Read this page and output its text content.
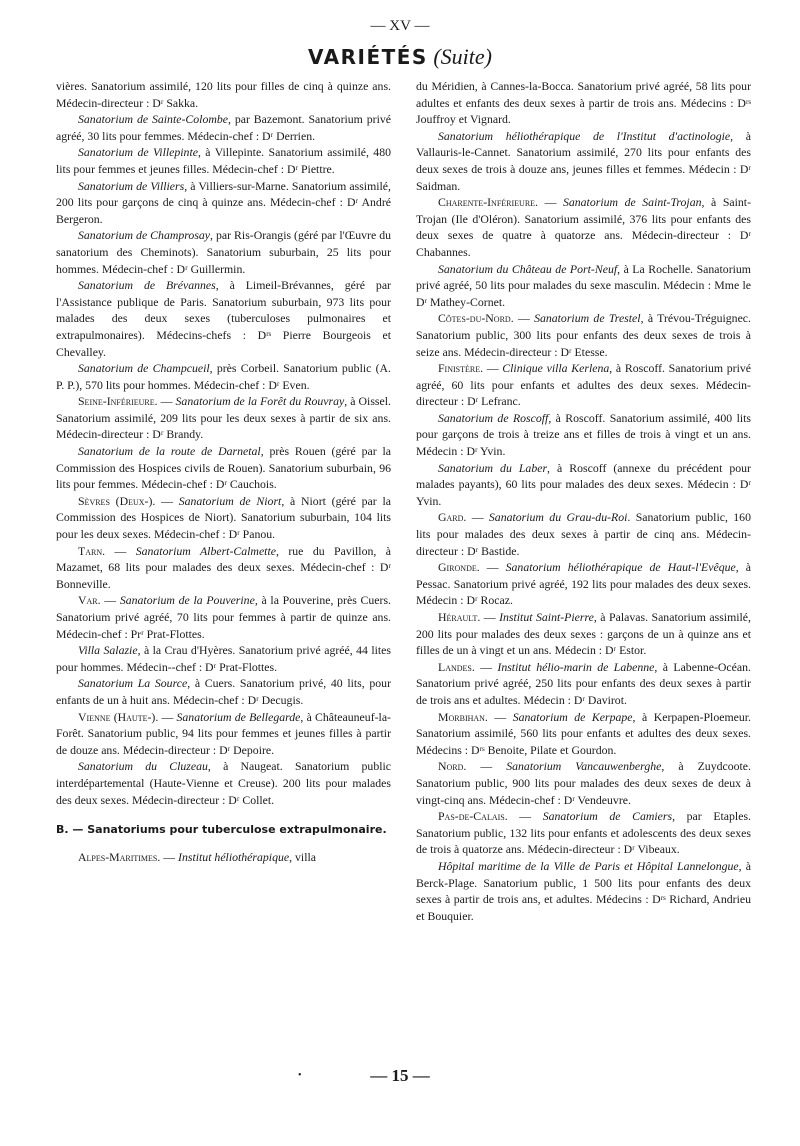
— XV —
VARIÉTÉS (Suite)

vières. Sanatorium assimilé, 120 lits pour filles de cinq à quinze ans. Médecin-directeur : Dʳ Sakka.

Sanatorium de Sainte-Colombe, par Bazemont. Sanatorium privé agréé, 30 lits pour femmes. Médecin-chef : Dʳ Derrien.

Sanatorium de Villepinte, à Villepinte. Sanatorium assimilé, 480 lits pour femmes et jeunes filles. Médecin-chef : Dʳ Piettre.

Sanatorium de Villiers, à Villiers-sur-Marne. Sanatorium assimilé, 200 lits pour garçons de cinq à quinze ans. Médecin-chef : Dʳ André Bergeron.

Sanatorium de Champrosay, par Ris-Orangis (géré par l'Œuvre du sanatorium des Cheminots). Sanatorium suburbain, 25 lits pour hommes. Médecin-chef : Dʳ Guillermin.

Sanatorium de Brévannes, à Limeil-Brévannes, géré par l'Assistance publique de Paris. Sanatorium suburbain, 973 lits pour malades des deux sexes (tuberculoses pulmonaires et extrapulmonaires). Médecins-chefs : Dʳˢ Pierre Bourgeois et Chevalley.

Sanatorium de Champcueil, près Corbeil. Sanatorium public (A. P. P.), 570 lits pour hommes. Médecin-chef : Dʳ Even.

Seine-Inférieure. — Sanatorium de la Forêt du Rouvray, à Oissel. Sanatorium assimilé, 209 lits pour les deux sexes à partir de six ans. Médecin-directeur : Dʳ Brandy.

Sanatorium de la route de Darnetal, près Rouen (géré par la Commission des Hospices civils de Rouen). Sanatorium suburbain, 96 lits pour femmes. Médecin-chef : Dʳ Cauchois.

Sèvres (Deux-). — Sanatorium de Niort, à Niort (géré par la Commission des Hospices de Niort). Sanatorium suburbain, 104 lits pour les deux sexes. Médecin-chef : Dʳ Panou.

Tarn. — Sanatorium Albert-Calmette, rue du Pavillon, à Mazamet, 68 lits pour malades des deux sexes. Médecin-chef : Dʳ Bonneville.

Var. — Sanatorium de la Pouverine, à la Pouverine, près Cuers. Sanatorium privé agréé, 70 lits pour femmes à partir de quinze ans. Médecin-chef : Prʳ Prat-Flottes.

Villa Salazie, à la Crau d'Hyères. Sanatorium privé agréé, 44 lites pour hommes. Médecin--chef : Dʳ Prat-Flottes.

Sanatorium La Source, à Cuers. Sanatorium privé, 40 lits, pour enfants de un à huit ans. Médecin-chef : Dʳ Decugis.

Vienne (Haute-). — Sanatorium de Bellegarde, à Châteauneuf-la-Forêt. Sanatorium public, 94 lits pour femmes et jeunes filles à partir de douze ans. Médecin-directeur : Dʳ Depoire.

Sanatorium du Cluzeau, à Naugeat. Sanatorium public interdépartemental (Haute-Vienne et Creuse). 200 lits pour malades des deux sexes. Médecin-directeur : Dʳ Collet.

B. — Sanatoriums pour tuberculose extrapulmonaire.

Alpes-Maritimes. — Institut héliothérapique, villa

du Méridien, à Cannes-la-Bocca. Sanatorium privé agréé, 58 lits pour adultes et enfants des deux sexes à partir de trois ans. Médecins : Dʳˢ Jouffroy et Vignard.

Sanatorium héliothérapique de l'Institut d'actinologie, à Vallauris-le-Cannet. Sanatorium assimilé, 270 lits pour enfants des deux sexes de trois à douze ans, jeunes filles et femmes. Médecin : Dʳ Saidman.

Charente-Inférieure. — Sanatorium de Saint-Trojan, à Saint-Trojan (Ile d'Oléron). Sanatorium assimilé, 376 lits pour enfants des deux sexes de quatre à quatorze ans. Médecin-directeur : Dʳ Chabannes.

Sanatorium du Château de Port-Neuf, à La Rochelle. Sanatorium privé agréé, 50 lits pour malades du sexe masculin. Médecin : Mme le Dʳ Mathey-Cornet.

Côtes-du-Nord. — Sanatorium de Trestel, à Trévou-Tréguignec. Sanatorium public, 300 lits pour enfants des deux sexes de trois à seize ans. Médecin-directeur : Dʳ Etesse.

Finistère. — Clinique villa Kerlena, à Roscoff. Sanatorium privé agréé, 60 lits pour enfants et adultes des deux sexes. Médecin-directeur : Dʳ Lefranc.

Sanatorium de Roscoff, à Roscoff. Sanatorium assimilé, 400 lits pour garçons de trois à treize ans et filles de trois à vingt et un ans. Médecin : Dʳ Yvin.

Sanatorium du Laber, à Roscoff (annexe du précédent pour malades payants), 60 lits pour malades des deux sexes. Médecin : Dʳ Yvin.

Gard. — Sanatorium du Grau-du-Roi. Sanatorium public, 160 lits pour malades des deux sexes à partir de cinq ans. Médecin-directeur : Dʳ Bastide.

Gironde. — Sanatorium héliothérapique de Haut-l'Evêque, à Pessac. Sanatorium privé agréé, 192 lits pour malades des deux sexes. Médecin : Dʳ Rocaz.

Hérault. — Institut Saint-Pierre, à Palavas. Sanatorium assimilé, 200 lits pour malades des deux sexes : garçons de un à quinze ans et filles de un à vingt et un ans. Médecin : Dʳ Estor.

Landes. — Institut hélio-marin de Labenne, à Labenne-Océan. Sanatorium privé agréé, 250 lits pour enfants des deux sexes à partir de trois ans et adultes. Médecin : Dʳ Davirot.

Morbihan. — Sanatorium de Kerpape, à Kerpapen-Ploemeur. Sanatorium assimilé, 560 lits pour enfants et adultes des deux sexes. Médecins : Dʳˢ Benoite, Pilate et Gourdon.

Nord. — Sanatorium Vancauwenberghe, à Zuydcoote. Sanatorium public, 900 lits pour malades des deux sexes de deux à vingt-cinq ans. Médecin-chef : Dʳ Vendeuvre.

Pas-de-Calais. — Sanatorium de Camiers, par Etaples. Sanatorium public, 132 lits pour enfants et adolescents des deux sexes de trois à quatorze ans. Médecin-directeur : Dʳ Vibeaux.

Hôpital maritime de la Ville de Paris et Hôpital Lannelongue, à Berck-Plage. Sanatorium public, 1 500 lits pour enfants des deux sexes à partir de trois ans, et adultes. Médecins : Dʳˢ Richard, Andrieu et Bouquier.

•	— 15 —
